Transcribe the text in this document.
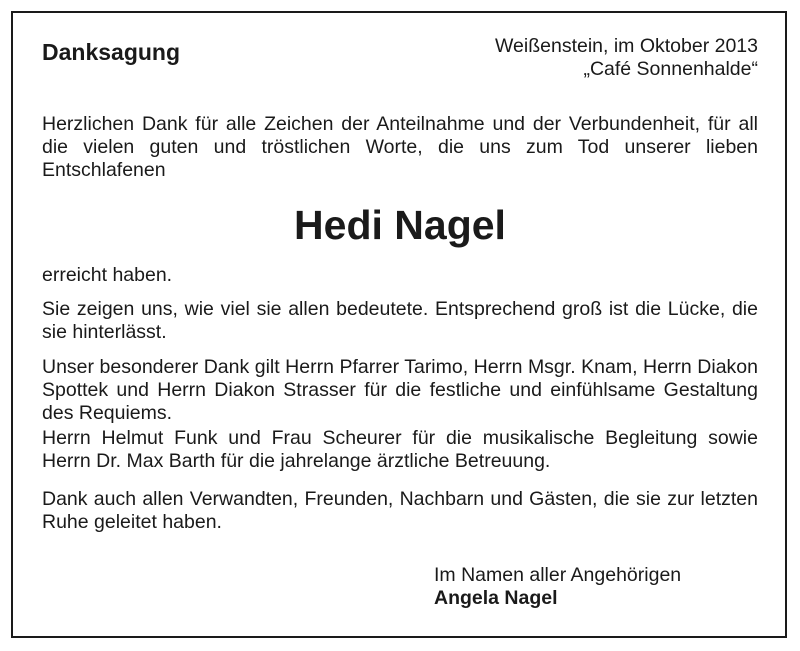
Danksagung	Weißenstein, im Oktober 2013
„Café Sonnenhalde“

Herzlichen Dank für alle Zeichen der Anteilnahme und der Verbundenheit, für all die vielen guten und tröstlichen Worte, die uns zum Tod unserer lieben Entschlafenen

Hedi Nagel

erreicht haben.

Sie zeigen uns, wie viel sie allen bedeutete. Entsprechend groß ist die Lücke, die sie hinterlässt.

Unser besonderer Dank gilt Herrn Pfarrer Tarimo, Herrn Msgr. Knam, Herrn Diakon Spottek und Herrn Diakon Strasser für die festliche und einfühlsame Gestaltung des Requiems.

Herrn Helmut Funk und Frau Scheurer für die musikalische Begleitung sowie Herrn Dr. Max Barth für die jahrelange ärztliche Betreuung.

Dank auch allen Verwandten, Freunden, Nachbarn und Gästen, die sie zur letzten Ruhe geleitet haben.

Im Namen aller Angehörigen
Angela Nagel
